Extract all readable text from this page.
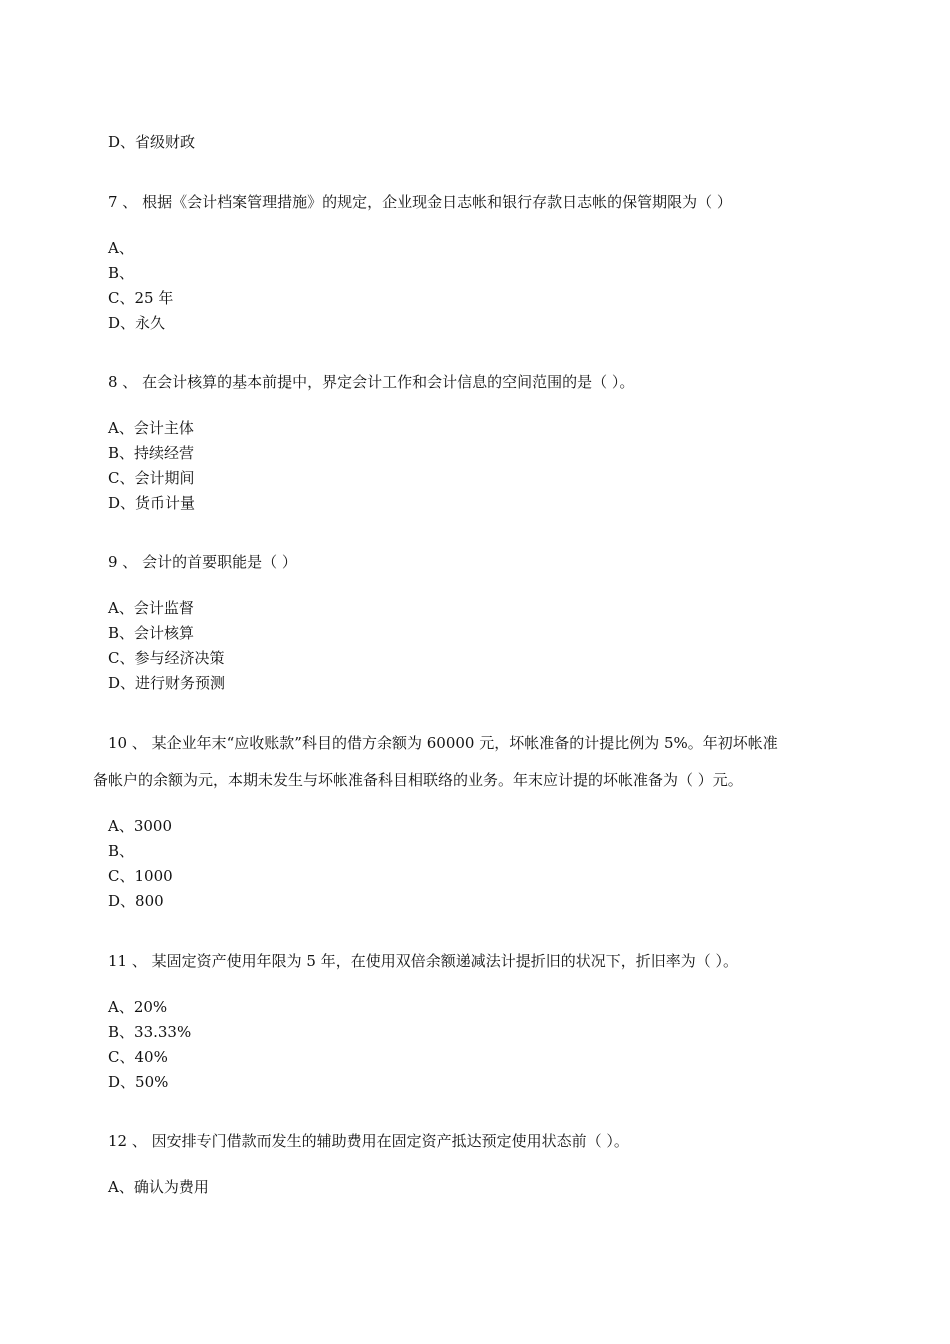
D、省级财政
7 、 根据《会计档案管理措施》的规定，企业现金日志帐和银行存款日志帐的保管期限为（ ）
A、
B、
C、25 年
D、永久
8 、 在会计核算的基本前提中，界定会计工作和会计信息的空间范围的是（ ）。
A、会计主体
B、持续经营
C、会计期间
D、货币计量
9 、 会计的首要职能是（ ）
A、会计监督
B、会计核算
C、参与经济决策
D、进行财务预测
10 、 某企业年末“应收账款”科目的借方余额为 60000 元，坏帐准备的计提比例为 5%。年初坏帐准
备帐户的余额为元，本期未发生与坏帐准备科目相联络的业务。年末应计提的坏帐准备为（ ）元。
A、3000
B、
C、1000
D、800
11 、 某固定资产使用年限为 5 年，在使用双倍余额递减法计提折旧的状况下，折旧率为（ ）。
A、20%
B、33.33%
C、40%
D、50%
12 、 因安排专门借款而发生的辅助费用在固定资产抵达预定使用状态前（ ）。
A、确认为费用
